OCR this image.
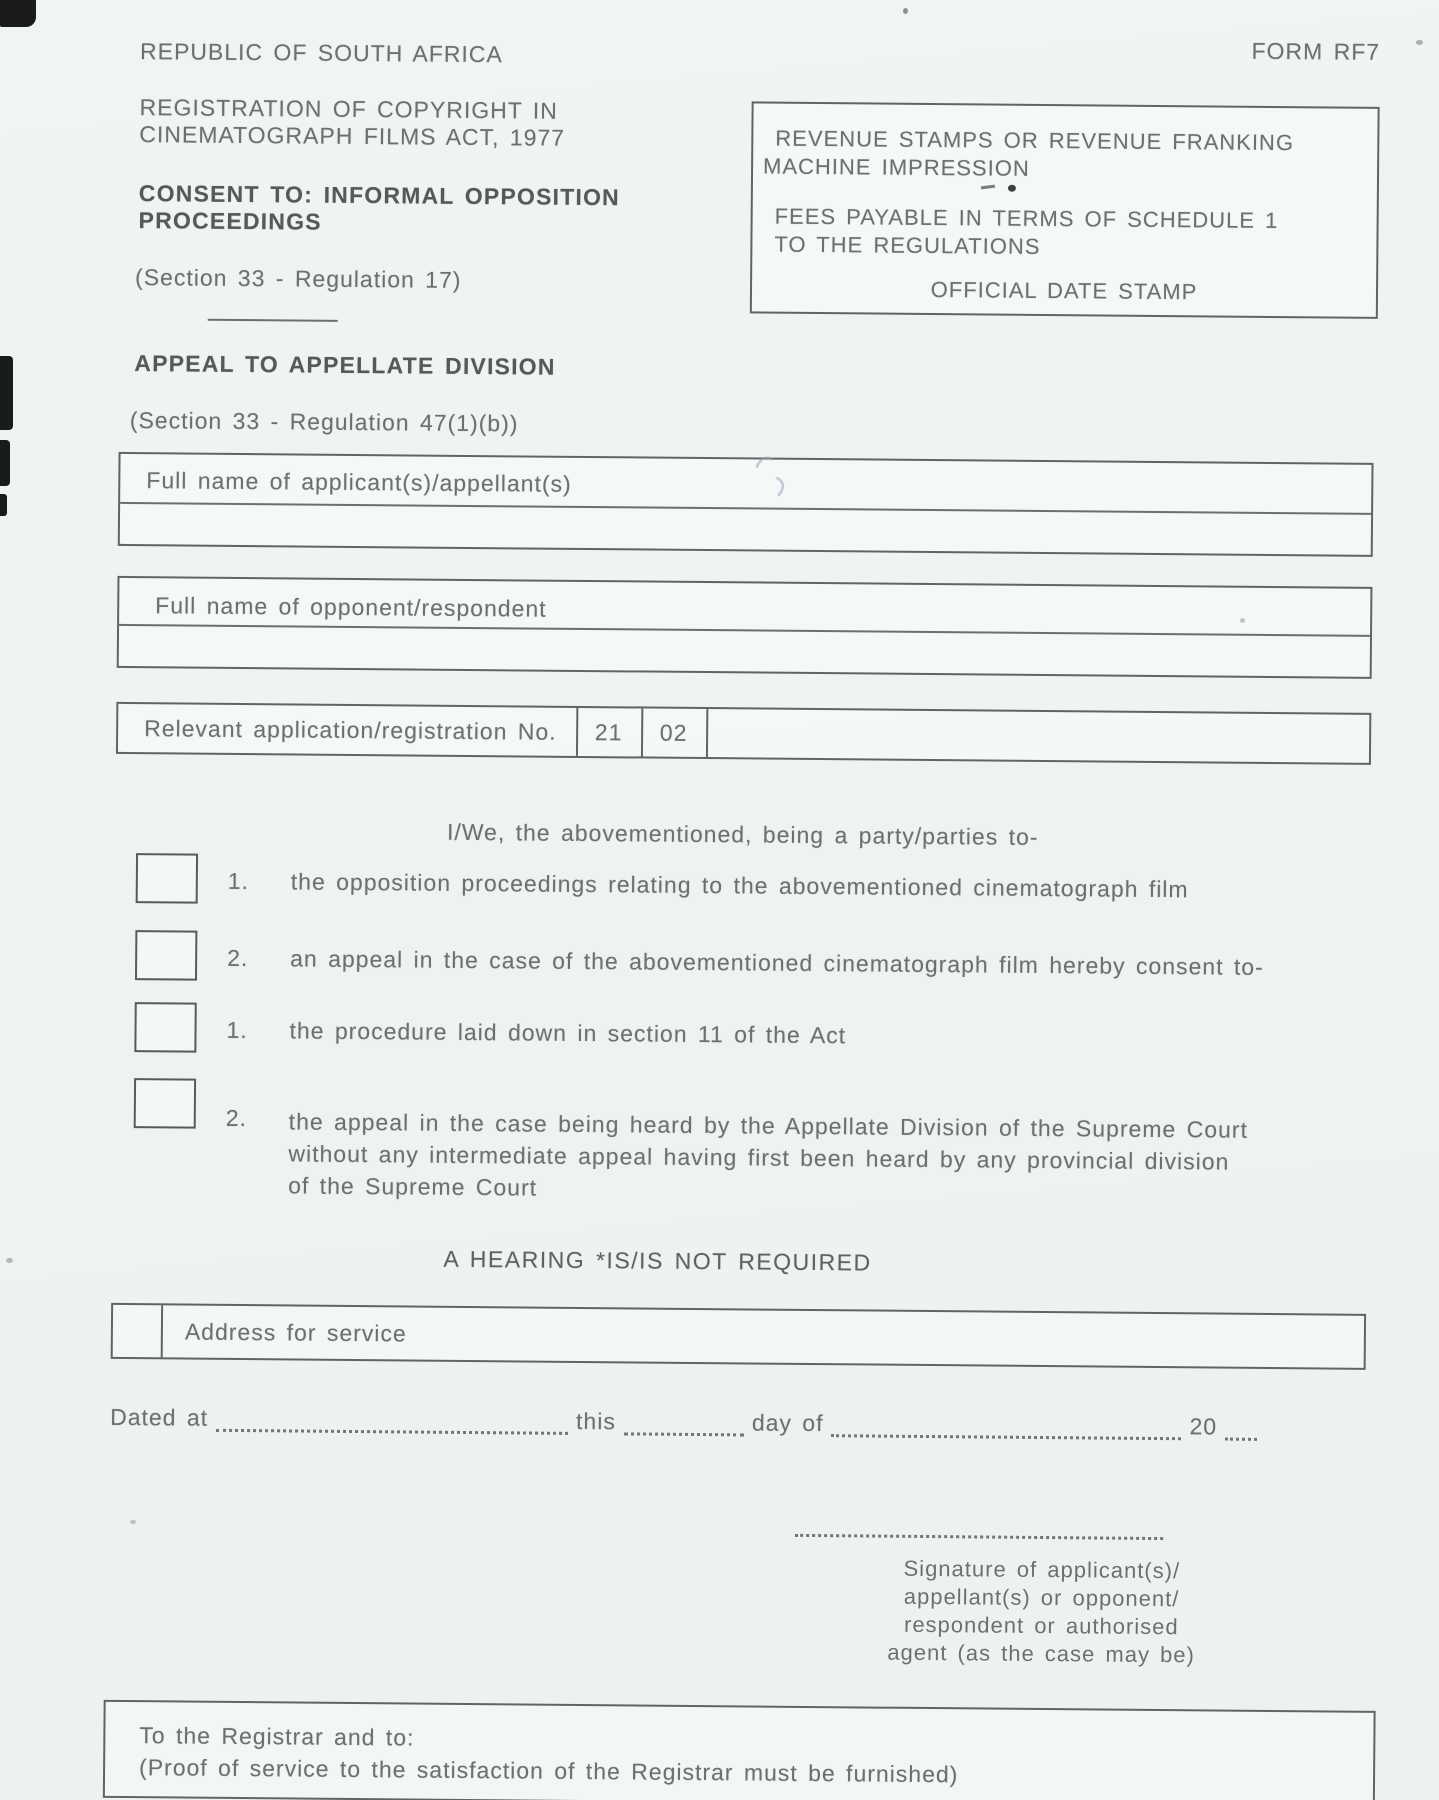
FORM RF7
REPUBLIC OF SOUTH AFRICA
REGISTRATION OF COPYRIGHT IN
CINEMATOGRAPH FILMS ACT, 1977
CONSENT TO: INFORMAL OPPOSITION
PROCEEDINGS
(Section 33 - Regulation 17)
APPEAL TO APPELLATE DIVISION
(Section 33 - Regulation 47(1)(b))
REVENUE STAMPS OR REVENUE FRANKING
MACHINE IMPRESSION
FEES PAYABLE IN TERMS OF SCHEDULE 1
TO THE REGULATIONS
OFFICIAL DATE STAMP
Full name of applicant(s)/appellant(s)
Full name of opponent/respondent
Relevant application/registration No.	21	02
I/We, the abovementioned, being a party/parties to-
1. the opposition proceedings relating to the abovementioned cinematograph film
2. an appeal in the case of the abovementioned cinematograph film hereby consent to-
1. the procedure laid down in section 11 of the Act
2. the appeal in the case being heard by the Appellate Division of the Supreme Court
without any intermediate appeal having first been heard by any provincial division
of the Supreme Court
A HEARING *IS/IS NOT REQUIRED
Address for service
Dated at	this	day of	20
Signature of applicant(s)/
appellant(s) or opponent/
respondent or authorised
agent (as the case may be)
To the Registrar and to:
(Proof of service to the satisfaction of the Registrar must be furnished)
